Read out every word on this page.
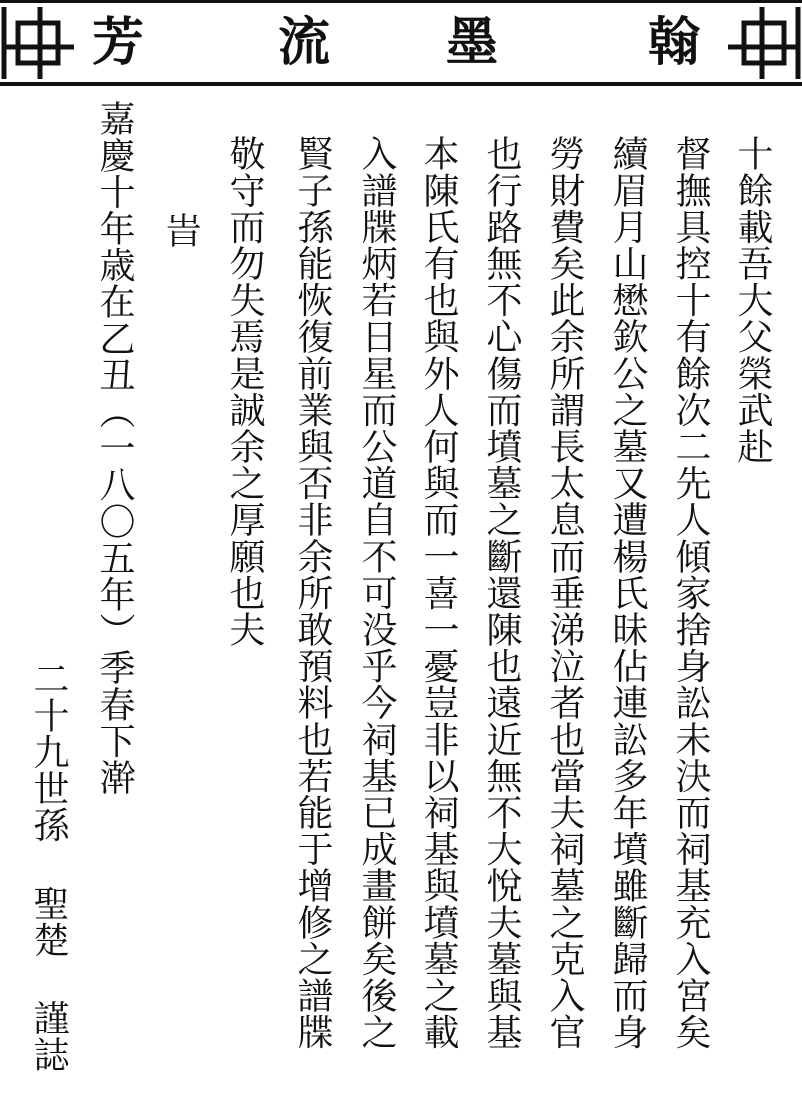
芳	流 墨	翰
十餘載吾大父榮武赴
督撫具控十有餘次二先人傾家捨身訟未決而祠基充入宮矣
續眉月山懋欽公之墓又遭楊氏昧佔連訟多年墳雖斷歸而身
勞財費矣此余所謂長太息而垂涕泣者也當夫祠墓之克入官
也行路無不心傷而墳墓之斷還陳也遠近無不大悅夫墓與基
本陳氏有也與外人何與而一喜一憂豈非以祠基與墳墓之載
入譜牒炳若日星而公道自不可没乎今祠基已成畫餅矣後之
賢子孫能恢復前業與否非余所敢預料也若能于增修之譜牒
敬守而勿失焉是誠余之厚願也夫
旹
嘉慶十年歳在乙丑（一八〇五年）季春下澣
二十九世孫 聖楚 謹誌
